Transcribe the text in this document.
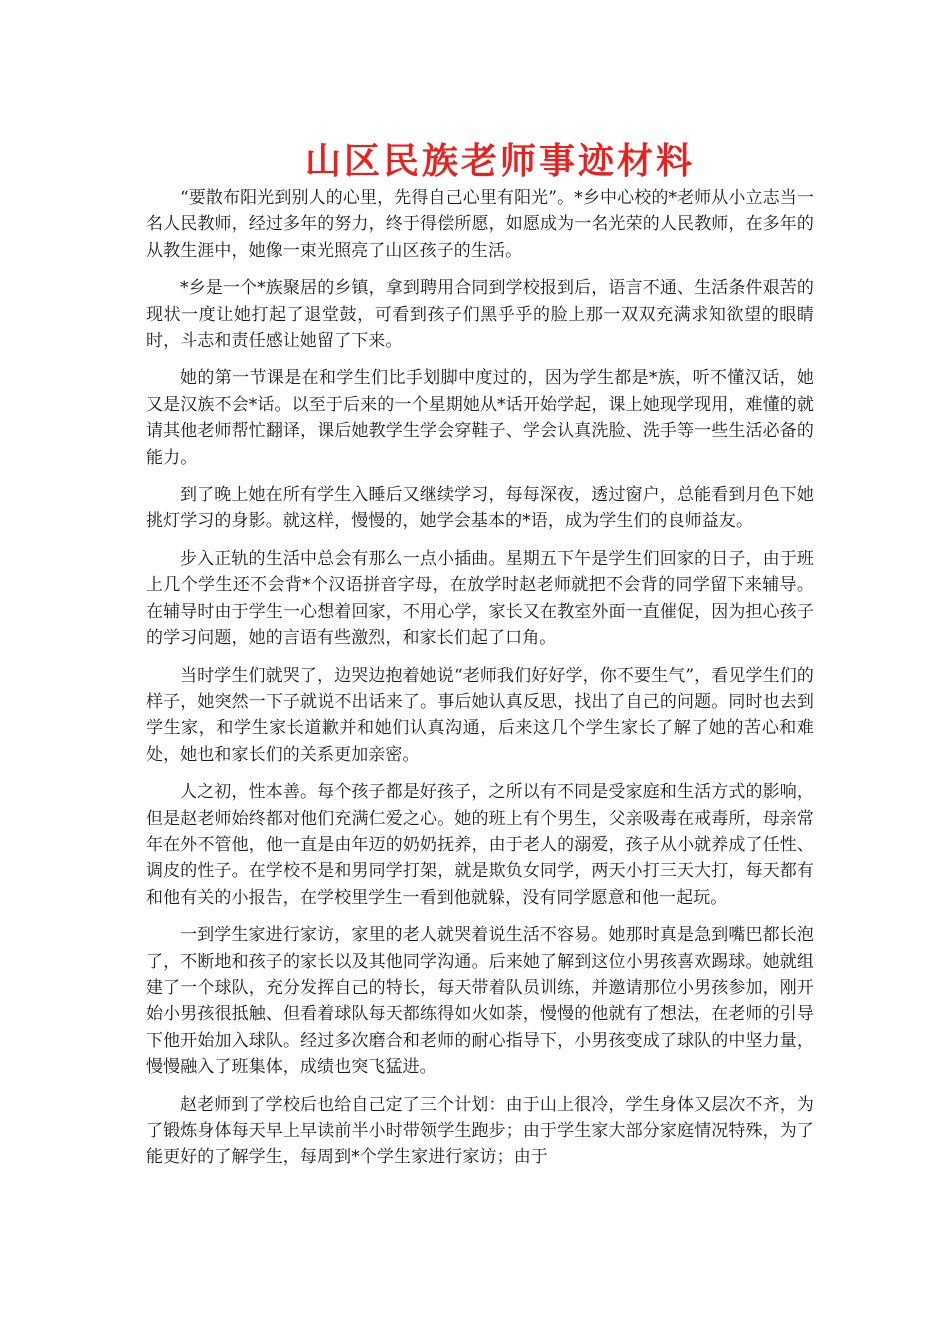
山区民族老师事迹材料

“要散布阳光到别人的心里，先得自己心里有阳光”。*乡中心校的*老师从小立志当一名人民教师，经过多年的努力，终于得偿所愿，如愿成为一名光荣的人民教师，在多年的从教生涯中，她像一束光照亮了山区孩子的生活。

*乡是一个*族聚居的乡镇，拿到聘用合同到学校报到后，语言不通、生活条件艰苦的现状一度让她打起了退堂鼓，可看到孩子们黑乎乎的脸上那一双双充满求知欲望的眼睛时，斗志和责任感让她留了下来。

她的第一节课是在和学生们比手划脚中度过的，因为学生都是*族，听不懂汉话，她又是汉族不会*话。以至于后来的一个星期她从*话开始学起，课上她现学现用，难懂的就请其他老师帮忙翻译，课后她教学生学会穿鞋子、学会认真洗脸、洗手等一些生活必备的能力。

到了晚上她在所有学生入睡后又继续学习，每每深夜，透过窗户，总能看到月色下她挑灯学习的身影。就这样，慢慢的，她学会基本的*语，成为学生们的良师益友。

步入正轨的生活中总会有那么一点小插曲。星期五下午是学生们回家的日子，由于班上几个学生还不会背*个汉语拼音字母，在放学时赵老师就把不会背的同学留下来辅导。在辅导时由于学生一心想着回家，不用心学，家长又在教室外面一直催促，因为担心孩子的学习问题，她的言语有些激烈，和家长们起了口角。

当时学生们就哭了，边哭边抱着她说“老师我们好好学，你不要生气”，看见学生们的样子，她突然一下子就说不出话来了。事后她认真反思，找出了自己的问题。同时也去到学生家，和学生家长道歉并和她们认真沟通，后来这几个学生家长了解了她的苦心和难处，她也和家长们的关系更加亲密。

人之初，性本善。每个孩子都是好孩子，之所以有不同是受家庭和生活方式的影响，但是赵老师始终都对他们充满仁爱之心。她的班上有个男生，父亲吸毒在戒毒所，母亲常年在外不管他，他一直是由年迈的奶奶抚养，由于老人的溺爱，孩子从小就养成了任性、调皮的性子。在学校不是和男同学打架，就是欺负女同学，两天小打三天大打，每天都有和他有关的小报告，在学校里学生一看到他就躲，没有同学愿意和他一起玩。

一到学生家进行家访，家里的老人就哭着说生活不容易。她那时真是急到嘴巴都长泡了，不断地和孩子的家长以及其他同学沟通。后来她了解到这位小男孩喜欢踢球。她就组建了一个球队，充分发挥自己的特长，每天带着队员训练，并邀请那位小男孩参加，刚开始小男孩很抵触、但看着球队每天都练得如火如荼，慢慢的他就有了想法，在老师的引导下他开始加入球队。经过多次磨合和老师的耐心指导下，小男孩变成了球队的中坚力量，慢慢融入了班集体，成绩也突飞猛进。

赵老师到了学校后也给自己定了三个计划：由于山上很冷，学生身体又层次不齐，为了锻炼身体每天早上早读前半小时带领学生跑步；由于学生家大部分家庭情况特殊，为了能更好的了解学生，每周到*个学生家进行家访；由于
